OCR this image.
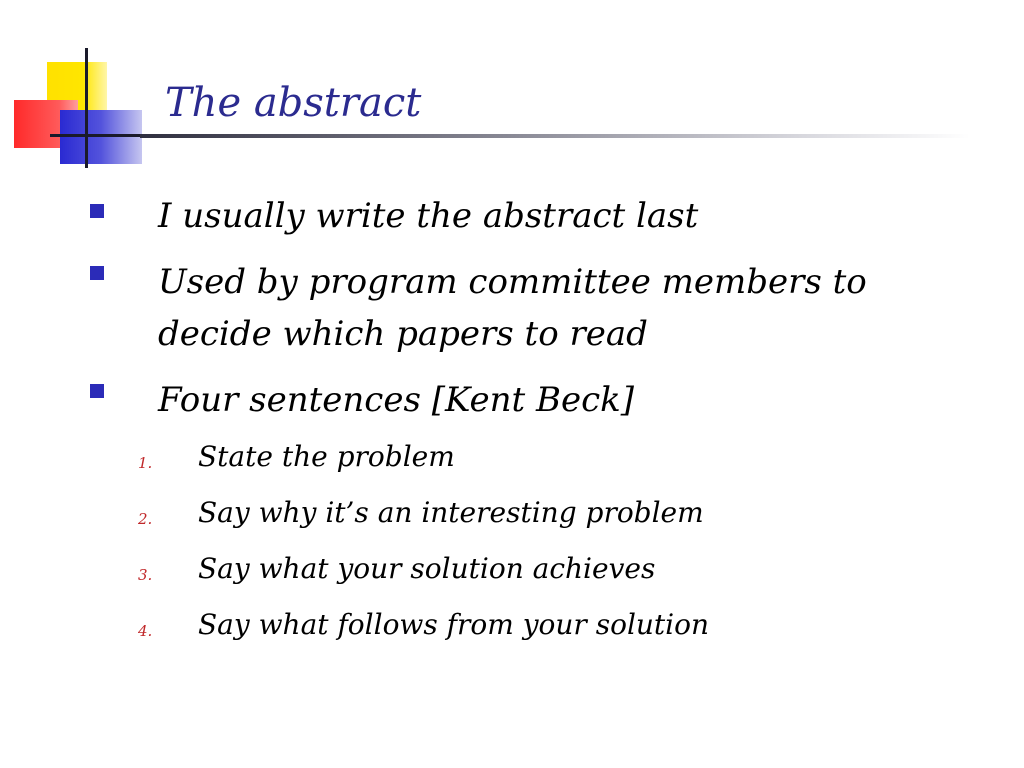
The abstract
I usually write the abstract last
Used by program committee members to decide which papers to read
Four sentences [Kent Beck]
1. State the problem
2. Say why it’s an interesting problem
3. Say what your solution achieves
4. Say what follows from your solution
